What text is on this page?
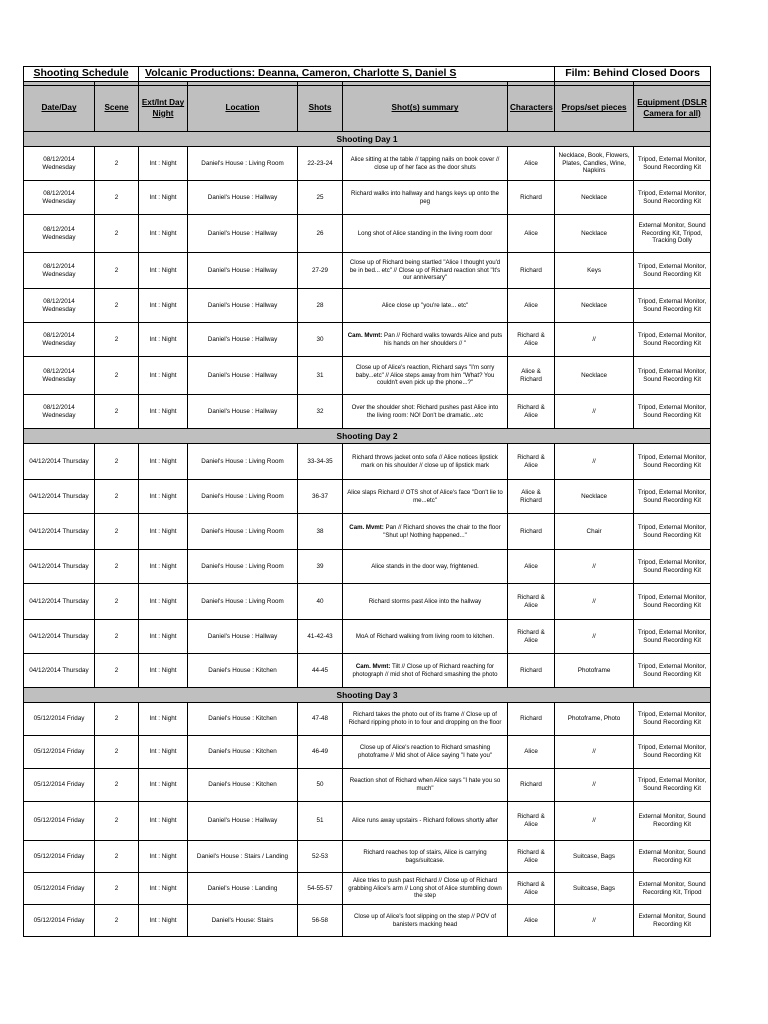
Shooting Schedule		Volcanic Productions: Deanna, Cameron, Charlotte S, Daniel S					Film: Behind Closed Doors	

Date/Day	Scene	Ext/Int Day Night	Location	Shots	Shot(s) summary	Characters	Props/set pieces	Equipment (DSLR Camera for all)
Shooting Day 1								
08/12/2014 Wednesday	2	Int : Night	Daniel's House : Living Room	22-23-24	Alice sitting at the table // tapping nails on book cover // close up of her face as the door shuts	Alice	Necklace, Book, Flowers, Plates, Candles, Wine, Napkins	Tripod, External Monitor, Sound Recording Kit
08/12/2014 Wednesday	2	Int : Night	Daniel's House : Hallway	25	Richard walks into hallway and hangs keys up onto the peg	Richard	Necklace	Tripod, External Monitor, Sound Recording Kit
08/12/2014 Wednesday	2	Int : Night	Daniel's House : Hallway	26	Long shot of Alice standing in the living room door	Alice	Necklace	External Monitor, Sound Recording Kit, Tripod, Tracking Dolly
08/12/2014 Wednesday	2	Int : Night	Daniel's House : Hallway	27-29	Close up of Richard being startled "Alice I thought you'd be in bed... etc" // Close up of Richard reaction shot "It's our anniversary"	Richard	Keys	Tripod, External Monitor, Sound Recording Kit
08/12/2014 Wednesday	2	Int : Night	Daniel's House : Hallway	28	Alice close up "you're late... etc"	Alice	Necklace	Tripod, External Monitor, Sound Recording Kit
08/12/2014 Wednesday	2	Int : Night	Daniel's House : Hallway	30	Cam. Mvmt: Pan // Richard walks towards Alice and puts his hands on her shoulders // "	Richard & Alice	//	Tripod, External Monitor, Sound Recording Kit
08/12/2014 Wednesday	2	Int : Night	Daniel's House : Hallway	31	Close up of Alice's reaction, Richard says "I'm sorry baby...etc" // Alice steps away from him "What? You couldn't even pick up the phone...?"	Alice & Richard	Necklace	Tripod, External Monitor, Sound Recording Kit
08/12/2014 Wednesday	2	Int : Night	Daniel's House : Hallway	32	Over the shoulder shot: Richard pushes past Alice into the living room: NO! Don't be dramatic...etc	Richard & Alice	//	Tripod, External Monitor, Sound Recording Kit
Shooting Day 2								
04/12/2014 Thursday	2	Int : Night	Daniel's House : Living Room	33-34-35	Richard throws jacket onto sofa // Alice notices lipstick mark on his shoulder // close up of lipstick mark	Richard & Alice	//	Tripod, External Monitor, Sound Recording Kit
04/12/2014 Thursday	2	Int : Night	Daniel's House : Living Room	36-37	Alice slaps Richard // OTS shot of Alice's face "Don't lie to me...etc"	Alice & Richard	Necklace	Tripod, External Monitor, Sound Recording Kit
04/12/2014 Thursday	2	Int : Night	Daniel's House : Living Room	38	Cam. Mvmt: Pan // Richard shoves the chair to the floor "Shut up! Nothing happened..."	Richard	Chair	Tripod, External Monitor, Sound Recording Kit
04/12/2014 Thursday	2	Int : Night	Daniel's House : Living Room	39	Alice stands in the door way, frightened.	Alice	//	Tripod, External Monitor, Sound Recording Kit
04/12/2014 Thursday	2	Int : Night	Daniel's House : Living Room	40	Richard storms past Alice into the hallway	Richard & Alice	//	Tripod, External Monitor, Sound Recording Kit
04/12/2014 Thursday	2	Int : Night	Daniel's House : Hallway	41-42-43	MoA of Richard walking from living room to kitchen.	Richard & Alice	//	Tripod, External Monitor, Sound Recording Kit
04/12/2014 Thursday	2	Int : Night	Daniel's House : Kitchen	44-45	Cam. Mvmt: Tilt // Close up of Richard reaching for photograph // mid shot of Richard smashing the photo	Richard	Photoframe	Tripod, External Monitor, Sound Recording Kit
Shooting Day 3								
05/12/2014 Friday	2	Int : Night	Daniel's House : Kitchen	47-48	Richard takes the photo out of its frame // Close up of Richard ripping photo in to four and dropping on the floor	Richard	Photoframe, Photo	Tripod, External Monitor, Sound Recording Kit
05/12/2014 Friday	2	Int : Night	Daniel's House : Kitchen	46-49	Close up of Alice's reaction to Richard smashing photoframe // Mid shot of Alice saying "I hate you"	Alice	//	Tripod, External Monitor, Sound Recording Kit
05/12/2014 Friday	2	Int : Night	Daniel's House : Kitchen	50	Reaction shot of Richard when Alice says "I hate you so much"	Richard	//	Tripod, External Monitor, Sound Recording Kit
05/12/2014 Friday	2	Int : Night	Daniel's House : Hallway	51	Alice runs away upstairs - Richard follows shortly after	Richard & Alice	//	External Monitor, Sound Recording Kit
05/12/2014 Friday	2	Int : Night	Daniel's House : Stairs / Landing	52-53	Richard reaches top of stairs, Alice is carrying bags/suitcase.	Richard & Alice	Suitcase, Bags	External Monitor, Sound Recording Kit
05/12/2014 Friday	2	Int : Night	Daniel's House : Landing	54-55-57	Alice tries to push past Richard // Close up of Richard grabbing Alice's arm // Long shot of Alice stumbling down the step	Richard & Alice	Suitcase, Bags	External Monitor, Sound Recording Kit, Tripod
05/12/2014 Friday	2	Int : Night	Daniel's House: Stairs	56-58	Close up of Alice's foot slipping on the step // POV of banisters macking head	Alice	//	External Monitor, Sound Recording Kit
